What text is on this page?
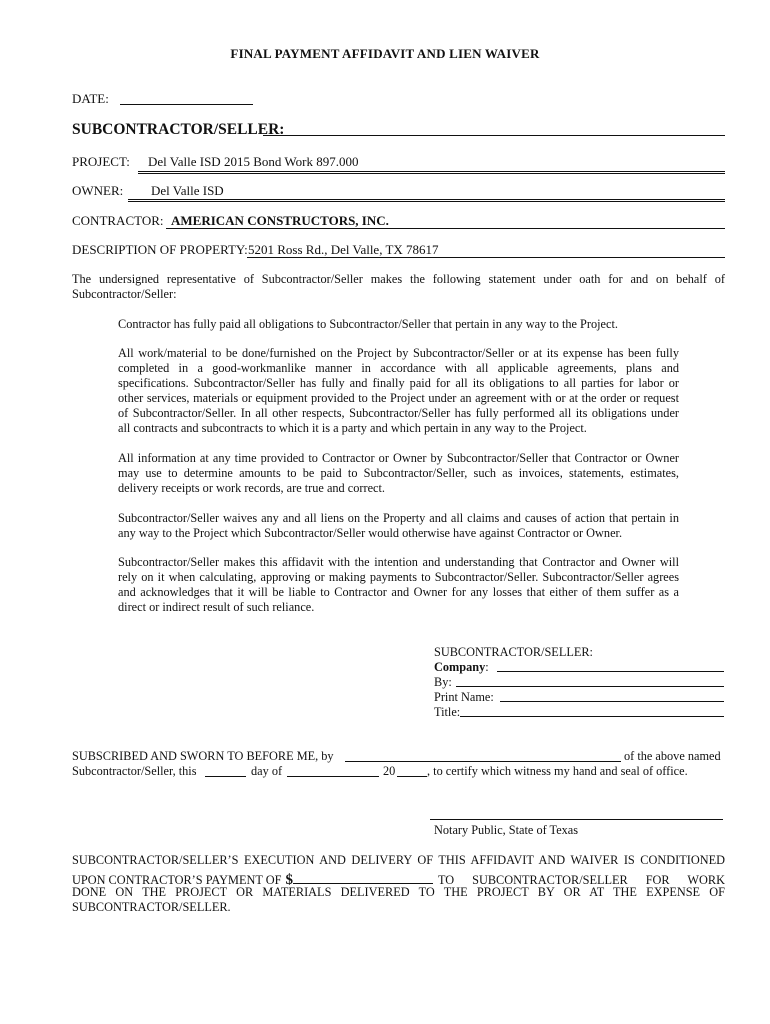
FINAL PAYMENT AFFIDAVIT AND LIEN WAIVER
DATE:
SUBCONTRACTOR/SELLER:
PROJECT: Del Valle ISD 2015 Bond Work 897.000
OWNER: Del Valle ISD
CONTRACTOR: AMERICAN CONSTRUCTORS, INC.
DESCRIPTION OF PROPERTY: 5201 Ross Rd., Del Valle, TX 78617
The undersigned representative of Subcontractor/Seller makes the following statement under oath for and on behalf of
Subcontractor/Seller:
Contractor has fully paid all obligations to Subcontractor/Seller that pertain in any way to the Project.
All work/material to be done/furnished on the Project by Subcontractor/Seller or at its expense has been fully
completed in a good-workmanlike manner in accordance with all applicable agreements, plans and
specifications. Subcontractor/Seller has fully and finally paid for all its obligations to all parties for labor or
other services, materials or equipment provided to the Project under an agreement with or at the order or request
of Subcontractor/Seller. In all other respects, Subcontractor/Seller has fully performed all its obligations under
all contracts and subcontracts to which it is a party and which pertain in any way to the Project.
All information at any time provided to Contractor or Owner by Subcontractor/Seller that Contractor or Owner
may use to determine amounts to be paid to Subcontractor/Seller, such as invoices, statements, estimates,
delivery receipts or work records, are true and correct.
Subcontractor/Seller waives any and all liens on the Property and all claims and causes of action that pertain in
any way to the Project which Subcontractor/Seller would otherwise have against Contractor or Owner.
Subcontractor/Seller makes this affidavit with the intention and understanding that Contractor and Owner will
rely on it when calculating, approving or making payments to Subcontractor/Seller. Subcontractor/Seller agrees
and acknowledges that it will be liable to Contractor and Owner for any losses that either of them suffer as a
direct or indirect result of such reliance.
SUBCONTRACTOR/SELLER:
Company:
By:
Print Name:
Title:
SUBSCRIBED AND SWORN TO BEFORE ME, by	of the above named
Subcontractor/Seller, this	day of	20	, to certify which witness my hand and seal of office.
Notary Public, State of Texas
SUBCONTRACTOR/SELLER’S EXECUTION AND DELIVERY OF THIS AFFIDAVIT AND WAIVER IS CONDITIONED
UPON CONTRACTOR’S PAYMENT OF $	TO SUBCONTRACTOR/SELLER FOR WORK
DONE ON THE PROJECT OR MATERIALS DELIVERED TO THE PROJECT BY OR AT THE EXPENSE OF
SUBCONTRACTOR/SELLER.
